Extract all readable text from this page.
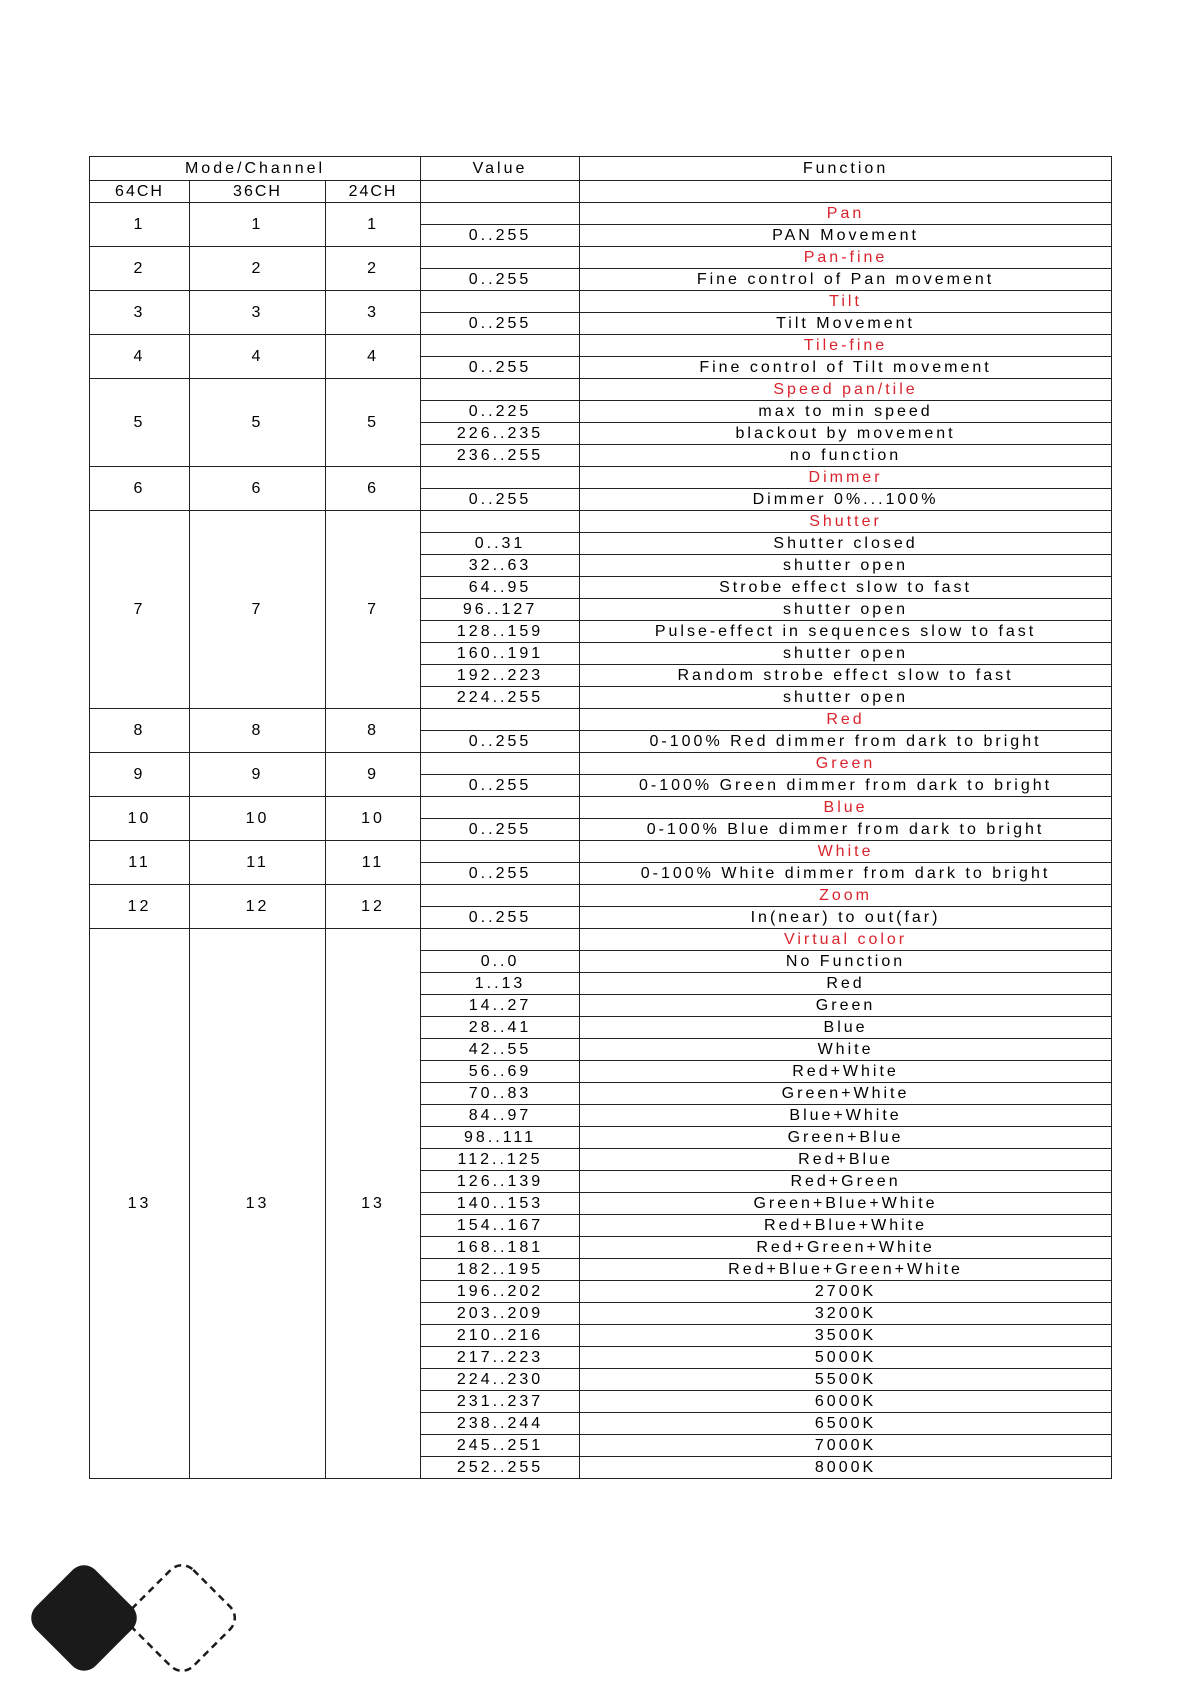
Mode/Channel			Value	Function
64CH	36CH	24CH		
1	1	1		Pan
			0..255	PAN Movement
2	2	2		Pan-fine
			0..255	Fine control of Pan movement
3	3	3		Tilt
			0..255	Tilt Movement
4	4	4		Tile-fine
			0..255	Fine control of Tilt movement
5	5	5		Speed pan/tile
			0..225	max to min speed
			226..235	blackout by movement
			236..255	no function
6	6	6		Dimmer
			0..255	Dimmer 0%...100%
7	7	7		Shutter
			0..31	Shutter closed
			32..63	shutter open
			64..95	Strobe effect slow to fast
			96..127	shutter open
			128..159	Pulse-effect in sequences slow to fast
			160..191	shutter open
			192..223	Random strobe effect slow to fast
			224..255	shutter open
8	8	8		Red
			0..255	0-100% Red dimmer from dark to bright
9	9	9		Green
			0..255	0-100% Green dimmer from dark to bright
10	10	10		Blue
			0..255	0-100% Blue dimmer from dark to bright
11	11	11		White
			0..255	0-100% White dimmer from dark to bright
12	12	12		Zoom
			0..255	In(near) to out(far)
13	13	13		Virtual color
			0..0	No Function
			1..13	Red
			14..27	Green
			28..41	Blue
			42..55	White
			56..69	Red+White
			70..83	Green+White
			84..97	Blue+White
			98..111	Green+Blue
			112..125	Red+Blue
			126..139	Red+Green
			140..153	Green+Blue+White
			154..167	Red+Blue+White
			168..181	Red+Green+White
			182..195	Red+Blue+Green+White
			196..202	2700K
			203..209	3200K
			210..216	3500K
			217..223	5000K
			224..230	5500K
			231..237	6000K
			238..244	6500K
			245..251	7000K
			252..255	8000K
